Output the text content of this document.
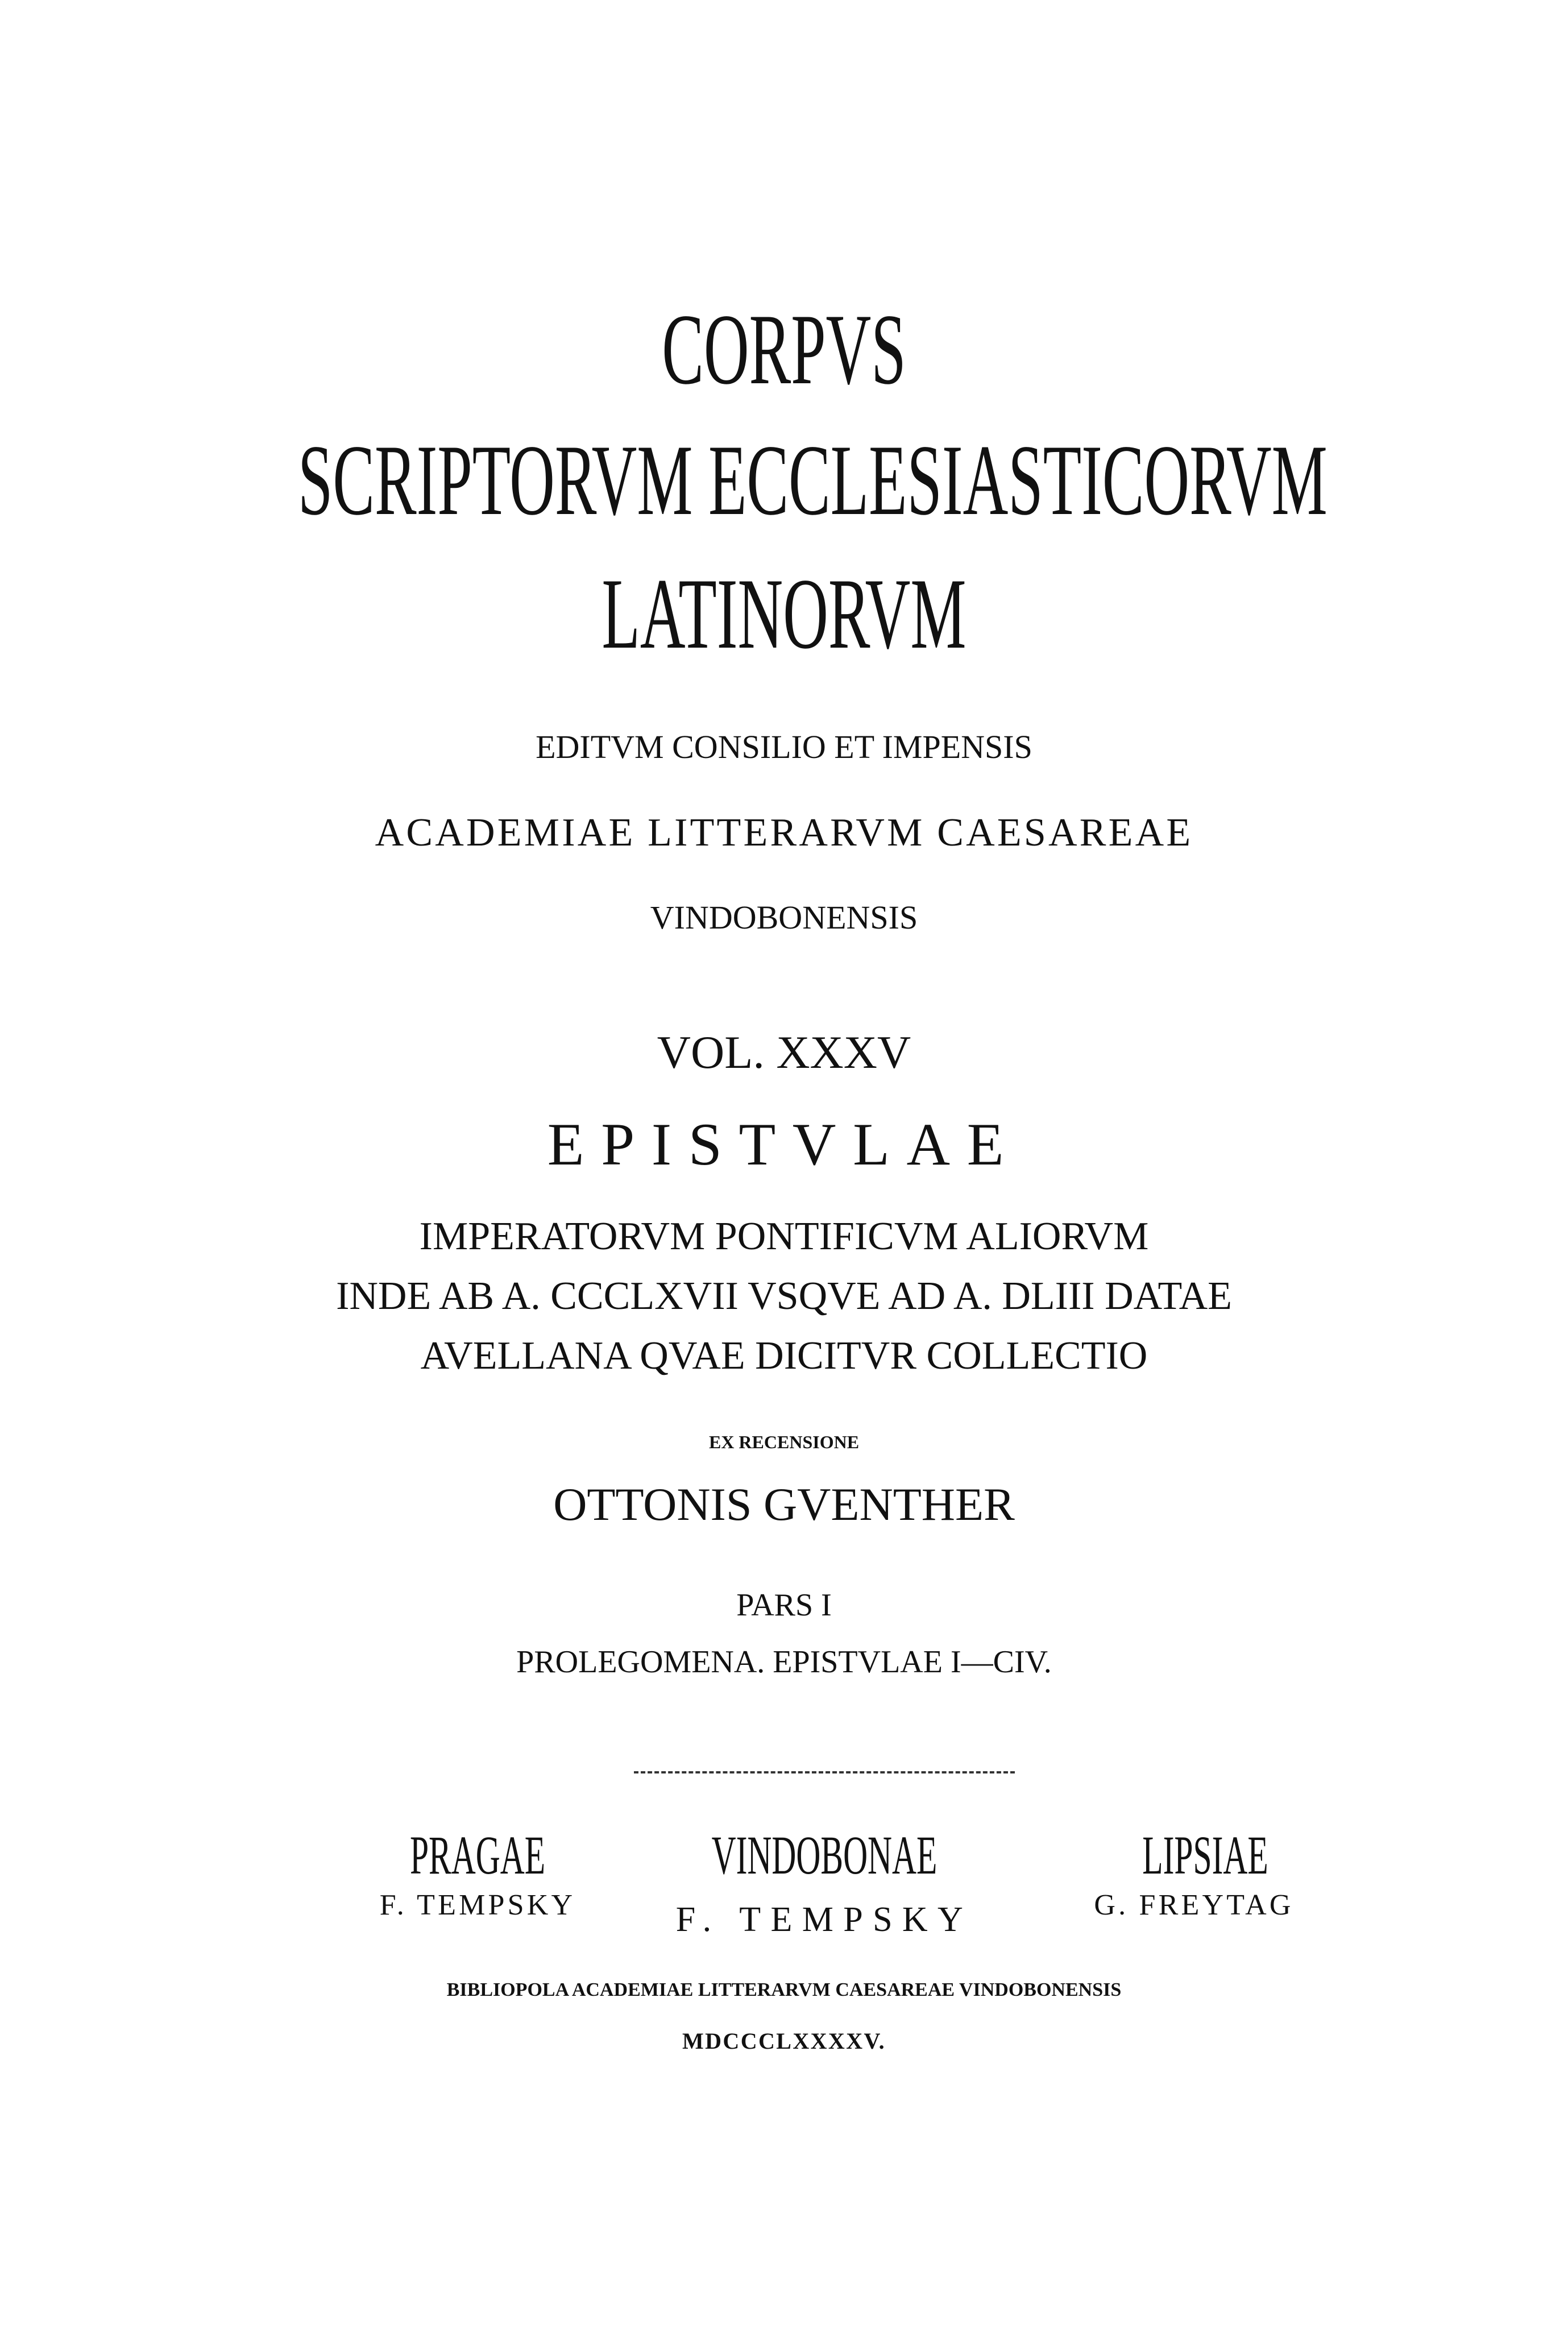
CORPVS
SCRIPTORVM ECCLESIASTICORVM
LATINORVM
EDITVM CONSILIO ET IMPENSIS
ACADEMIAE LITTERARVM CAESAREAE
VINDOBONENSIS
VOL. XXXV
EPISTVLAE
IMPERATORVM PONTIFICVM ALIORVM
INDE AB A. CCCLXVII VSQVE AD A. DLIII DATAE
AVELLANA QVAE DICITVR COLLECTIO
EX RECENSIONE
OTTONIS GVENTHER
PARS I
PROLEGOMENA. EPISTVLAE I—CIV.
PRAGAE
F. TEMPSKY
VINDOBONAE
F. TEMPSKY
LIPSIAE
G. FREYTAG
BIBLIOPOLA ACADEMIAE LITTERARVM CAESAREAE VINDOBONENSIS
MDCCCLXXXXV.
